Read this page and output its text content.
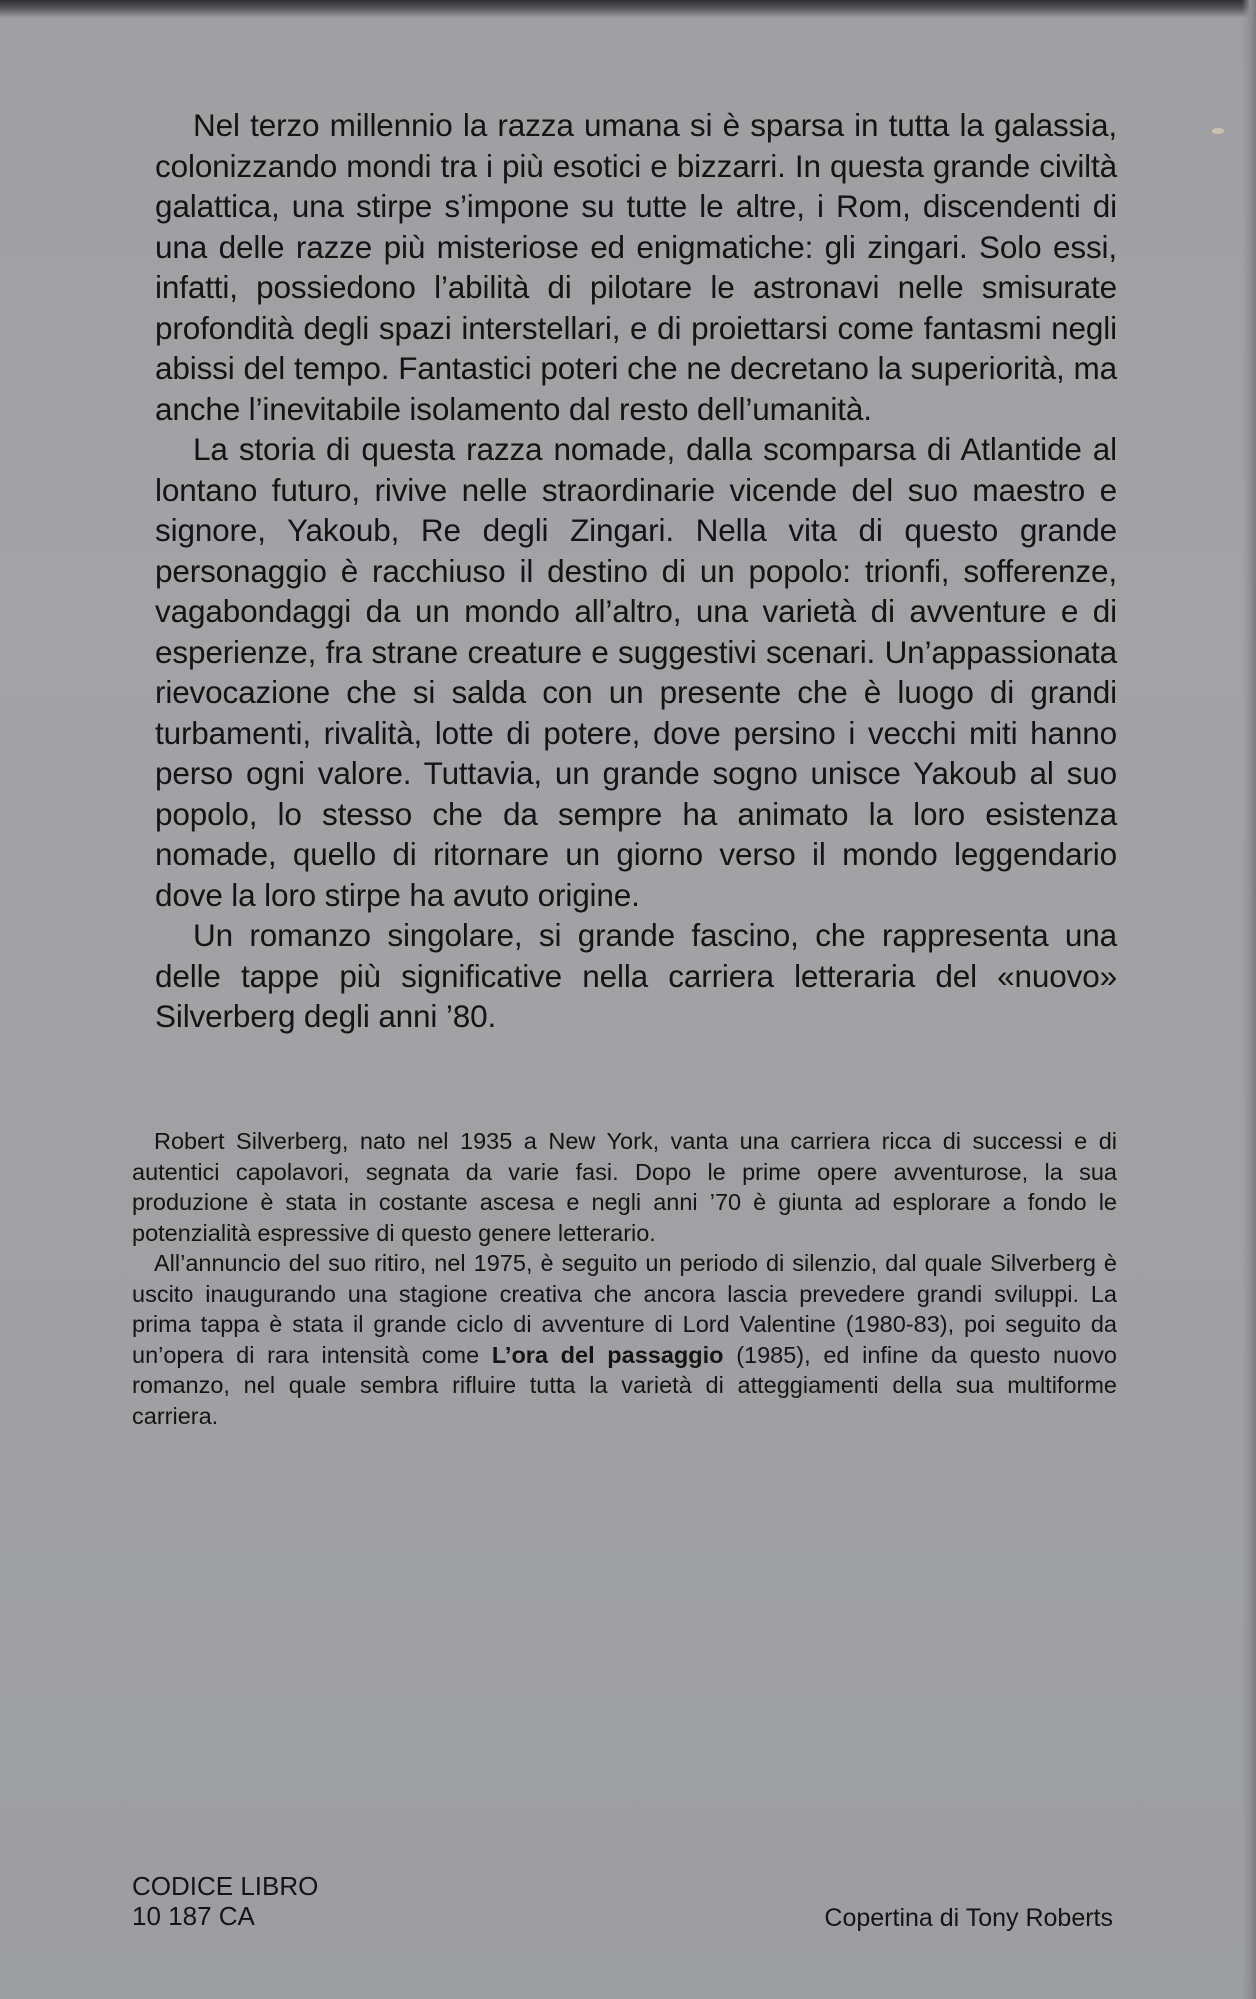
Nel terzo millennio la razza umana si è sparsa in tutta la galassia, colonizzando mondi tra i più esotici e bizzarri. In questa grande civiltà galattica, una stirpe s’impone su tutte le altre, i Rom, discendenti di una delle razze più misteriose ed enigmatiche: gli zingari. Solo essi, infatti, possiedono l’abilità di pilotare le astronavi nelle smisurate profondità degli spazi interstellari, e di proiettarsi come fantasmi negli abissi del tempo. Fantastici poteri che ne decretano la superiorità, ma anche l’inevitabile isolamento dal resto dell’umanità.

La storia di questa razza nomade, dalla scomparsa di Atlantide al lontano futuro, rivive nelle straordinarie vicende del suo maestro e signore, Yakoub, Re degli Zingari. Nella vita di questo grande personaggio è racchiuso il destino di un popolo: trionfi, sofferenze, vagabondaggi da un mondo all’altro, una varietà di avventure e di esperienze, fra strane creature e suggestivi scenari. Un’appassionata rievocazione che si salda con un presente che è luogo di grandi turbamenti, rivalità, lotte di potere, dove persino i vecchi miti hanno perso ogni valore. Tuttavia, un grande sogno unisce Yakoub al suo popolo, lo stesso che da sempre ha animato la loro esistenza nomade, quello di ritornare un giorno verso il mondo leggendario dove la loro stirpe ha avuto origine.

Un romanzo singolare, si grande fascino, che rappresenta una delle tappe più significative nella carriera letteraria del «nuovo» Silverberg degli anni ’80.

Robert Silverberg, nato nel 1935 a New York, vanta una carriera ricca di successi e di autentici capolavori, segnata da varie fasi. Dopo le prime opere avventurose, la sua produzione è stata in costante ascesa e negli anni ’70 è giunta ad esplorare a fondo le potenzialità espressive di questo genere letterario.

All’annuncio del suo ritiro, nel 1975, è seguito un periodo di silenzio, dal quale Silverberg è uscito inaugurando una stagione creativa che ancora lascia prevedere grandi sviluppi. La prima tappa è stata il grande ciclo di avventure di Lord Valentine (1980-83), poi seguito da un’opera di rara intensità come L’ora del passaggio (1985), ed infine da questo nuovo romanzo, nel quale sembra rifluire tutta la varietà di atteggiamenti della sua multiforme carriera.

CODICE LIBRO
10 187 CA	Copertina di Tony Roberts
